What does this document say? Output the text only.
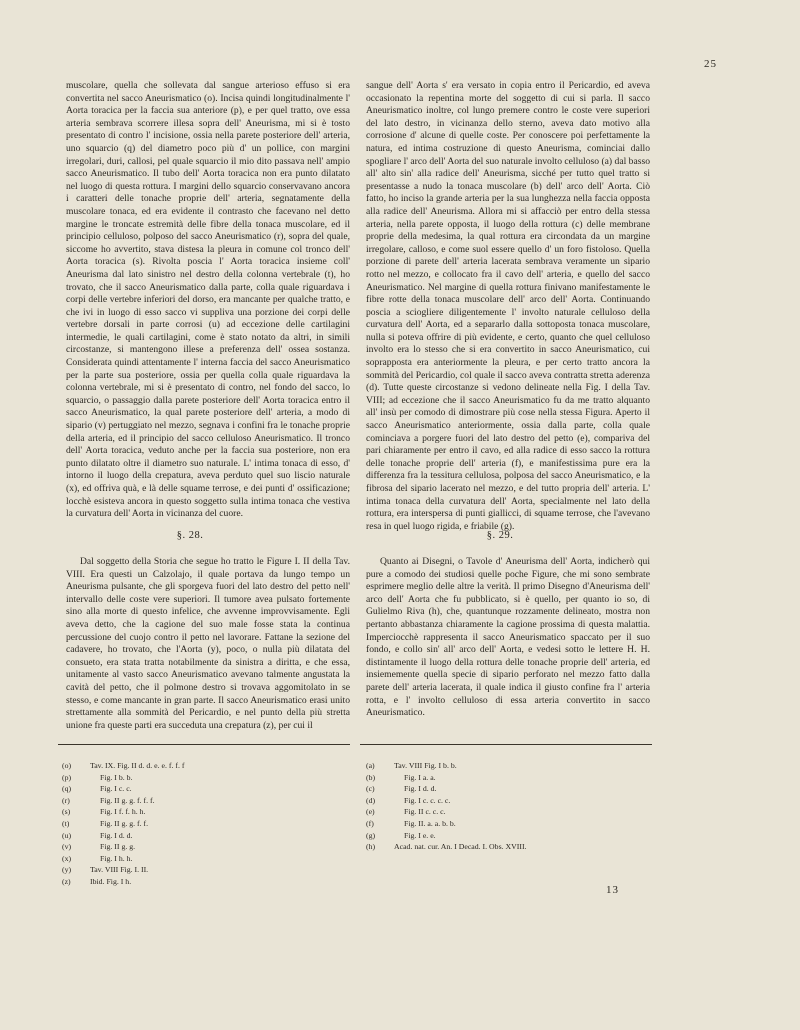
25

muscolare, quella che sollevata dal sangue arterioso effuso si era convertita nel sacco Aneurismatico (o). Incisa quindi longitudinalmente l' Aorta toracica per la faccia sua anteriore (p), e per quel tratto, ove essa arteria sembrava scorrere illesa sopra dell' Aneurisma, mi si è tosto presentato di contro l' incisione, ossia nella parete posteriore dell' arteria, uno squarcio (q) del diametro poco più d' un pollice, con margini irregolari, duri, callosi, pel quale squarcio il mio dito passava nell' ampio sacco Aneurismatico. Il tubo dell' Aorta toracica non era punto dilatato nel luogo di questa rottura. I margini dello squarcio conservavano ancora i caratteri delle tonache proprie dell' arteria, segnatamente della muscolare tonaca, ed era evidente il contrasto che facevano nel detto margine le troncate estremità delle fibre della tonaca muscolare, ed il principio celluloso, polposo del sacco Aneurismatico (r), sopra del quale, siccome ho avvertito, stava distesa la pleura in comune col tronco dell' Aorta toracica (s). Rivolta poscia l' Aorta toracica insieme coll' Aneurisma dal lato sinistro nel destro della colonna vertebrale (t), ho trovato, che il sacco Aneurismatico dalla parte, colla quale riguardava i corpi delle vertebre inferiori del dorso, era mancante per qualche tratto, e che ivi in luogo di esso sacco vi suppliva una porzione dei corpi delle vertebre dorsali in parte corrosi (u) ad eccezione delle cartilagini intermedie, le quali cartilagini, come è stato notato da altri, in simili circostanze, si mantengono illese a preferenza dell' ossea sostanza. Considerata quindi attentamente l' interna faccia del sacco Aneurismatico per la parte sua posteriore, ossia per quella colla quale riguardava la colonna vertebrale, mi si è presentato di contro, nel fondo del sacco, lo squarcio, o passaggio dalla parete posteriore dell' Aorta toracica entro il sacco Aneurismatico, la qual parete posteriore dell' arteria, a modo di sipario (v) pertuggiato nel mezzo, segnava i confini fra le tonache proprie della arteria, ed il principio del sacco celluloso Aneurismatico. Il tronco dell' Aorta toracica, veduto anche per la faccia sua posteriore, non era punto dilatato oltre il diametro suo naturale. L' intima tonaca di esso, d' intorno il luogo della crepatura, aveva perduto quel suo liscio naturale (x), ed offriva quà, e là delle squame terrose, e dei punti d' ossificazione; locchè esisteva ancora in questo soggetto sulla intima tonaca che vestiva la curvatura dell' Aorta in vicinanza del cuore.

sangue dell' Aorta s' era versato in copia entro il Pericardio, ed aveva occasionato la repentina morte del soggetto di cui si parla. Il sacco Aneurismatico inoltre, col lungo premere contro le coste vere superiori del lato destro, in vicinanza dello sterno, aveva dato motivo alla corrosione d' alcune di quelle coste. Per conoscere poi perfettamente la natura, ed intima costruzione di questo Aneurisma, cominciai dallo spogliare l' arco dell' Aorta del suo naturale involto celluloso (a) dal basso all' alto sin' alla radice dell' Aneurisma, sicché per tutto quel tratto si presentasse a nudo la tonaca muscolare (b) dell' arco dell' Aorta. Ciò fatto, ho inciso la grande arteria per la sua lunghezza nella faccia opposta alla radice dell' Aneurisma. Allora mi si affacciò per entro della stessa arteria, nella parete opposta, il luogo della rottura (c) delle membrane proprie della medesima, la qual rottura era circondata da un margine irregolare, calloso, e come suol essere quello d' un foro fistoloso. Quella porzione di parete dell' arteria lacerata sembrava veramente un sipario rotto nel mezzo, e collocato fra il cavo dell' arteria, e quello del sacco Aneurismatico. Nel margine di quella rottura finivano manifestamente le fibre rotte della tonaca muscolare dell' arco dell' Aorta. Continuando poscia a sciogliere diligentemente l' involto naturale celluloso della curvatura dell' Aorta, ed a separarlo dalla sottoposta tonaca muscolare, nulla si poteva offrire di più evidente, e certo, quanto che quel celluloso involto era lo stesso che si era convertito in sacco Aneurismatico, cui soprapposta era anteriormente la pleura, e per certo tratto ancora la sommità del Pericardio, col quale il sacco aveva contratta stretta aderenza (d). Tutte queste circostanze si vedono delineate nella Fig. I della Tav. VIII; ad eccezione che il sacco Aneurismatico fu da me tratto alquanto all' insù per comodo di dimostrare più cose nella stessa Figura. Aperto il sacco Aneurismatico anteriormente, ossia dalla parte, colla quale cominciava a porgere fuori del lato destro del petto (e), compariva del pari chiaramente per entro il cavo, ed alla radice di esso sacco la rottura delle tonache proprie dell' arteria (f), e manifestissima pure era la differenza fra la tessitura cellulosa, polposa del sacco Aneurismatico, e la fibrosa del sipario lacerato nel mezzo, e del tutto propria dell' arteria. L' intima tonaca della curvatura dell' Aorta, specialmente nel lato della rottura, era interspersa di punti giallicci, di squame terrose, che l'avevano resa in quel luogo rigida, e friabile (g).

§. 28.	§. 29.

Dal soggetto della Storia che segue ho tratto le Figure I. II della Tav. VIII. Era questi un Calzolajo, il quale portava da lungo tempo un Aneurisma pulsante, che gli sporgeva fuori del lato destro del petto nell' intervallo delle coste vere superiori. Il tumore avea pulsato fortemente sino alla morte di questo infelice, che avvenne improvvisamente. Egli aveva detto, che la cagione del suo male fosse stata la continua percussione del cuojo contro il petto nel lavorare. Fattane la sezione del cadavere, ho trovato, che l'Aorta (y), poco, o nulla più dilatata del consueto, era stata tratta notabilmente da sinistra a diritta, e che essa, unitamente al vasto sacco Aneurismatico avevano talmente angustata la cavità del petto, che il polmone destro si trovava aggomitolato in se stesso, e come mancante in gran parte. Il sacco Aneurismatico erasi unito strettamente alla sommità del Pericardio, e nel punto della più stretta unione fra queste parti era succeduta una crepatura (z), per cui il

Quanto ai Disegni, o Tavole d' Aneurisma dell' Aorta, indicherò qui pure a comodo dei studiosi quelle poche Figure, che mi sono sembrate esprimere meglio delle altre la verità. Il primo Disegno d'Aneurisma dell' arco dell' Aorta che fu pubblicato, si è quello, per quanto io so, di Gulielmo Riva (h), che, quantunque rozzamente delineato, mostra non pertanto abbastanza chiaramente la cagione prossima di questa malattia. Imperciocchè rappresenta il sacco Aneurismatico spaccato per il suo fondo, e collo sin' all' arco dell' Aorta, e vedesi sotto le lettere H. H. distintamente il luogo della rottura delle tonache proprie dell' arteria, ed insiememente quella specie di sipario perforato nel mezzo fatto dalla parete dell' arteria lacerata, il quale indica il giusto confine fra l' arteria rotta, e l' involto celluloso di essa arteria convertito in sacco Aneurismatico.

(o) Tav. IX. Fig. II d. d. e. e. f. f. f
(p)	Fig. I b. b.
(q)	Fig. I c. c.
(r)	Fig. II g. g. f. f. f.
(s)	Fig. I f. f. h. h.
(t)	Fig. II g. g. f. f.
(u)	Fig. I d. d.
(v)	Fig. II g. g.
(x)	Fig. I h. h.
(y) Tav. VIII Fig. I. II.
(z) Ibid. Fig. I h.
(a) Tav. VIII Fig. I b. b.
(b)	Fig. I a. a.
(c)	Fig. I d. d.
(d)	Fig. I c. c. c. c.
(e)	Fig. II c. c. c.
(f)	Fig. II. a. a. b. b.
(g)	Fig. I e. e.
(h) Acad. nat. cur. An. I Decad. I. Obs. XVIII.
13
